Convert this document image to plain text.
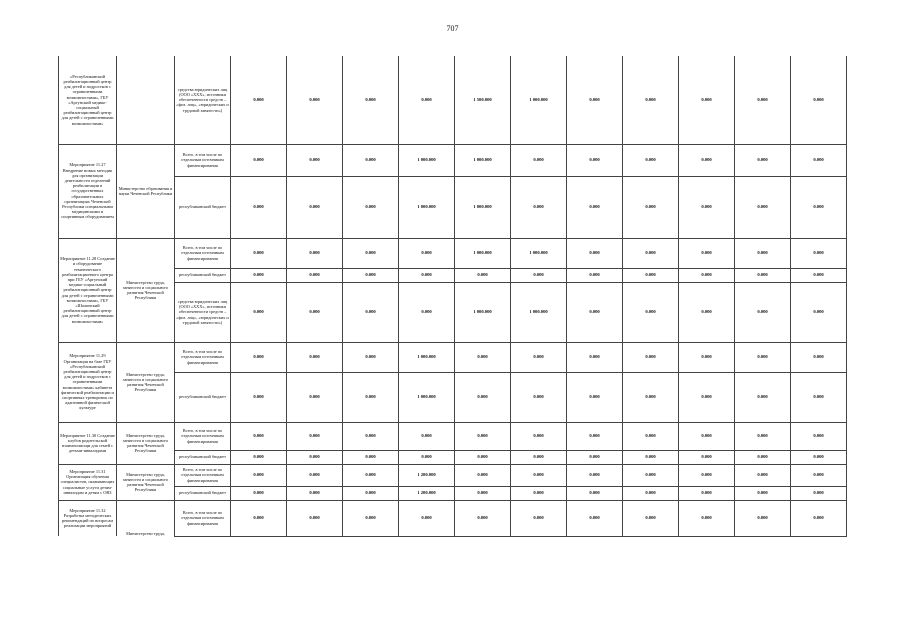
707
«Республиканский реабилитационный центр для детей и подростков с ограниченными возможностями», ГБУ «Аргунский медико-социальный реабилитационный центр для детей с ограниченными возможностями»		средства юридических лиц (ООО «ХХХ», источники обеспеченности средств – «физ. лиц», «юридических и трудовой занятости»)	0.000	0.000	0.000	0.000	1 500.000	1 000.000	0.000	0.000	0.000	0.000	0.000
Мероприятие 11.27 Внедрение новых методик для организации деятельности отделений реабилитации в государственных образовательных организациях Чеченской Республики специальными медицинскими и спортивным оборудованием	Министерство образования и науки Чеченской Республики	Всего, в том числе по отдельным источникам финансирования	0.000	0.000	0.000	1 000.000	1 000.000	0.000	0.000	0.000	0.000	0.000	0.000
		республиканский бюджет	0.000	0.000	0.000	1 000.000	1 000.000	0.000	0.000	0.000	0.000	0.000	0.000
Мероприятие 11.28 Создание и оборудование тематического реабилитационного центра при ГБУ «Аргунский медико-социальный реабилитационный центр для детей с ограниченными возможностями», ГБУ «Шалинский реабилитационный центр для детей с ограниченными возможностями»	Министерство труда, занятости и социального развития Чеченской Республики	Всего, в том числе по отдельным источникам финансирования	0.000	0.000	0.000	0.000	1 000.000	1 000.000	0.000	0.000	0.000	0.000	0.000
		республиканский бюджет	0.000	0.000	0.000	0.000	0.000	0.000	0.000	0.000	0.000	0.000	0.000
		средства юридических лиц (ООО «ХХХ», источники обеспеченности средств – «физ. лиц», «юридических и трудовой занятости»)	0.000	0.000	0.000	0.000	1 000.000	1 000.000	0.000	0.000	0.000	0.000	0.000
Мероприятие 11.29 Организация на базе ГБУ «Республиканский реабилитационный центр для детей и подростков с ограниченными возможностями» кабинета физической реабилитации и спортивных тренировок по адаптивной физической культуре	Министерство труда, занятости и социального развития Чеченской Республики	Всего, в том числе по отдельным источникам финансирования	0.000	0.000	0.000	1 000.000	0.000	0.000	0.000	0.000	0.000	0.000	0.000
		республиканский бюджет	0.000	0.000	0.000	1 000.000	0.000	0.000	0.000	0.000	0.000	0.000	0.000
Мероприятие 11.30 Создание клубов родительской взаимопомощи для семей с детьми-инвалидами	Министерство труда, занятости и социального развития Чеченской Республики	Всего, в том числе по отдельным источникам финансирования	0.000	0.000	0.000	0.000	0.000	0.000	0.000	0.000	0.000	0.000	0.000
		республиканский бюджет	0.000	0.000	0.000	0.000	0.000	0.000	0.000	0.000	0.000	0.000	0.000
Мероприятие 11.31 Организация обучения специалистов, оказывающих социальные услуги детям-инвалидам и детям с ОВЗ	Министерство труда, занятости и социального развития Чеченской Республики	Всего, в том числе по отдельным источникам финансирования	0.000	0.000	0.000	1 200.000	0.000	0.000	0.000	0.000	0.000	0.000	0.000
		республиканский бюджет	0.000	0.000	0.000	1 200.000	0.000	0.000	0.000	0.000	0.000	0.000	0.000
Мероприятие 11.32 Разработка методических рекомендаций по вопросам реализации мероприятий	Министерство труда,	Всего, в том числе по отдельным источникам финансирования	0.000	0.000	0.000	0.000	0.000	0.000	0.000	0.000	0.000	0.000	0.000
